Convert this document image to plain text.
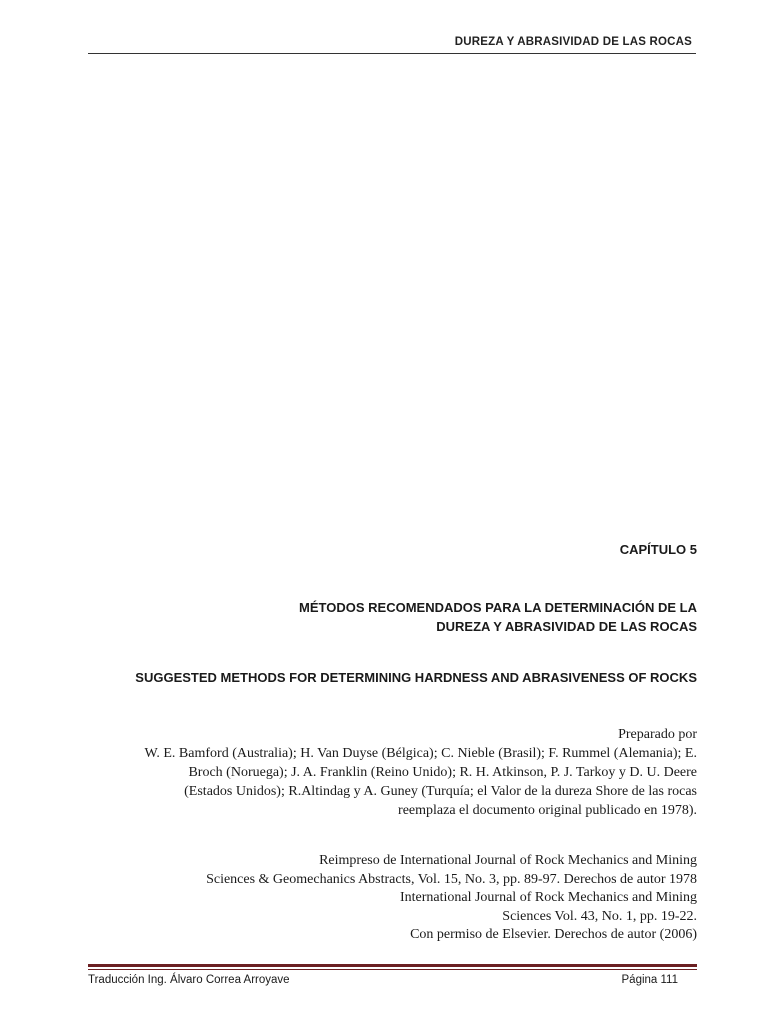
DUREZA Y ABRASIVIDAD DE LAS ROCAS
CAPÍTULO 5
MÉTODOS RECOMENDADOS PARA LA DETERMINACIÓN DE LA
DUREZA Y ABRASIVIDAD DE LAS ROCAS
SUGGESTED METHODS FOR DETERMINING HARDNESS AND ABRASIVENESS OF ROCKS
Preparado por
W. E. Bamford (Australia); H. Van Duyse (Bélgica); C. Nieble (Brasil); F. Rummel (Alemania); E.
Broch (Noruega); J. A. Franklin (Reino Unido); R. H. Atkinson, P. J. Tarkoy y D. U. Deere
(Estados Unidos); R.Altindag y A. Guney (Turquía; el Valor de la dureza Shore de las rocas
reemplaza el documento original publicado en 1978).
Reimpreso de International Journal of Rock Mechanics and Mining
Sciences & Geomechanics Abstracts, Vol. 15, No. 3, pp. 89-97. Derechos de autor 1978
International Journal of Rock Mechanics and Mining
Sciences Vol. 43, No. 1, pp. 19-22.
Con permiso de Elsevier. Derechos de autor (2006)
Traducción Ing. Álvaro Correa Arroyave	Página 111
